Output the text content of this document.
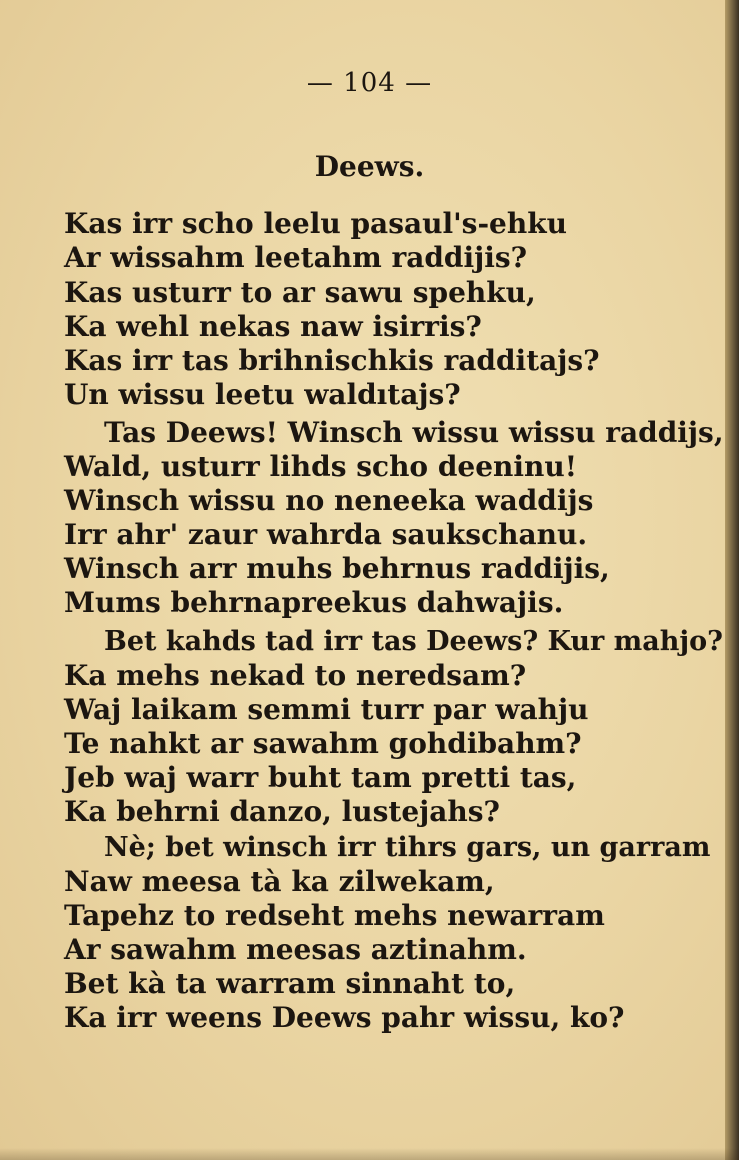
— 104 —
Deews.
Kas irr scho leelu pasaul's-ehku
Ar wissahm leetahm raddijis?
Kas usturr to ar sawu spehku,
Ka wehl nekas naw isirris?
Kas irr tas brihnischkis radditajs?
Un wissu leetu waldıtajs?
Tas Deews! Winsch wissu wissu raddijs,
Wald, usturr lihds scho deeninu!
Winsch wissu no neneeka waddijs
Irr ahr' zaur wahrda saukschanu.
Winsch arr muhs behrnus raddijis,
Mums behrnapreekus dahwajis.
Bet kahds tad irr tas Deews? Kur mahjo?
Ka mehs nekad to neredsam?
Waj laikam semmi turr par wahju
Te nahkt ar sawahm gohdibahm?
Jeb waj warr buht tam pretti tas,
Ka behrni danzo, lustejahs?
Nè; bet winsch irr tihrs gars, un garram
Naw meesa tà ka zilwekam,
Tapehz to redseht mehs newarram
Ar sawahm meesas aztinahm.
Bet kà ta warram sinnaht to,
Ka irr weens Deews pahr wissu, ko?
